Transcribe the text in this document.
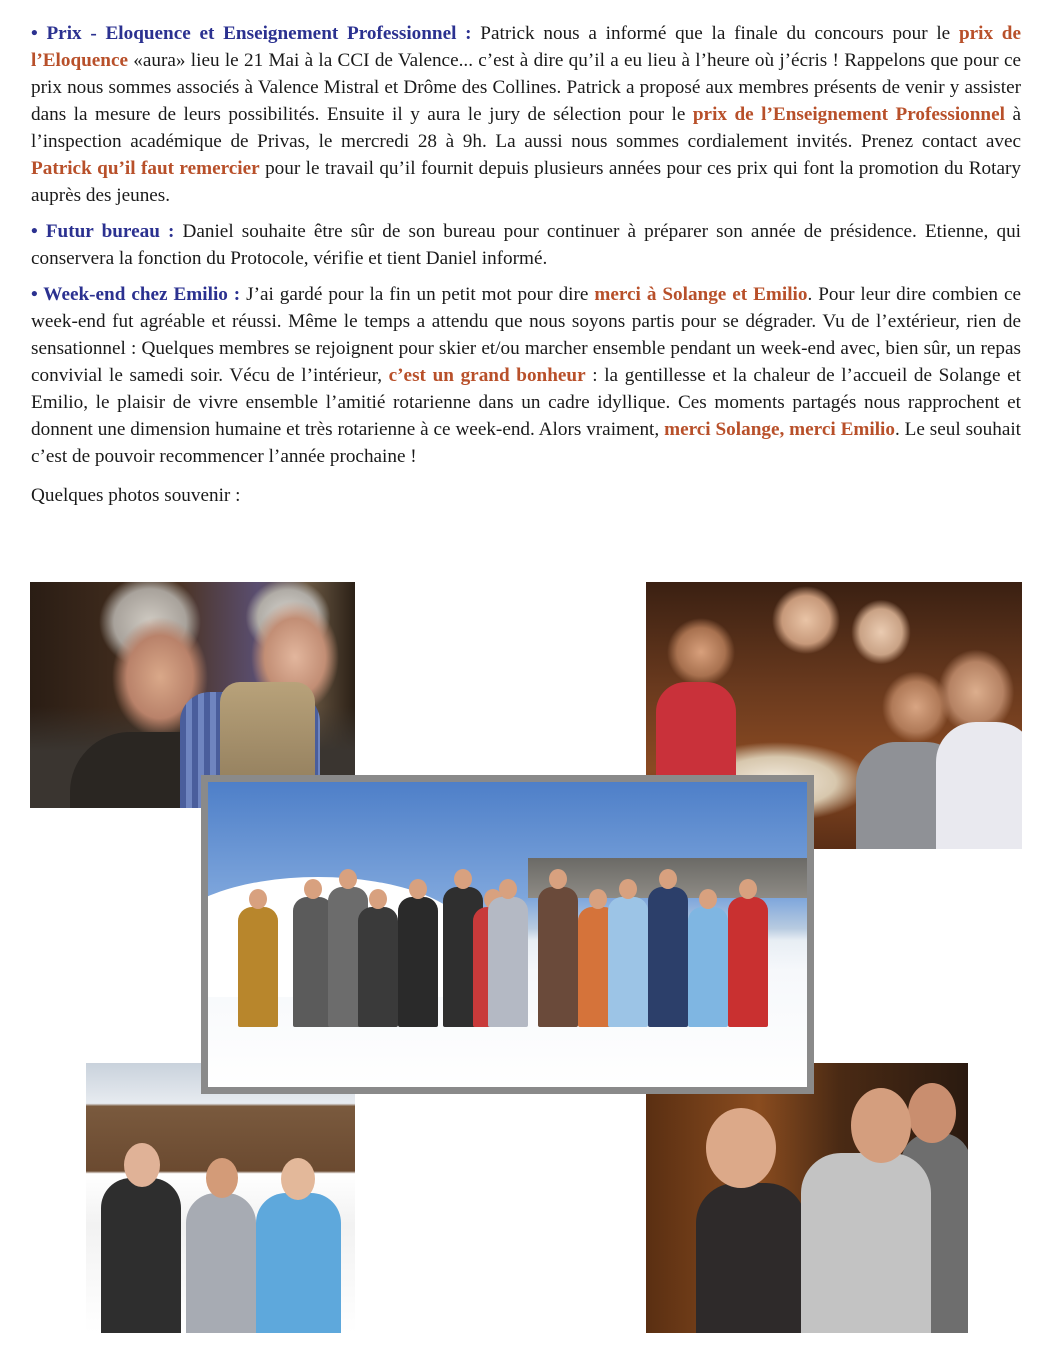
• Prix - Eloquence et Enseignement Professionnel : Patrick nous a informé que la finale du concours pour le prix de l’Eloquence «aura» lieu le 21 Mai à la CCI de Valence... c’est à dire qu’il a eu lieu à l’heure où j’écris ! Rappelons que pour ce prix nous sommes associés à Valence Mistral et Drôme des Collines. Patrick a proposé aux membres présents de venir y assister dans la mesure de leurs possibilités. Ensuite il y aura le jury de sélection pour le prix de l’Enseignement Professionnel à l’inspection académique de Privas, le mercredi 28 à 9h. La aussi nous sommes cordialement invités. Prenez contact avec Patrick qu’il faut remercier pour le travail qu’il fournit depuis plusieurs années pour ces prix qui font la promotion du Rotary auprès des jeunes.

• Futur bureau : Daniel souhaite être sûr de son bureau pour continuer à préparer son année de présidence. Etienne, qui conservera la fonction du Protocole, vérifie et tient Daniel informé.

• Week-end chez Emilio : J’ai gardé pour la fin un petit mot pour dire merci à Solange et Emilio. Pour leur dire combien ce week-end fut agréable et réussi. Même le temps a attendu que nous soyons partis pour se dégrader. Vu de l’extérieur, rien de sensationnel : Quelques membres se rejoignent pour skier et/ou marcher ensemble pendant un week-end avec, bien sûr, un repas convivial le samedi soir. Vécu de l’intérieur, c’est un grand bonheur : la gentillesse et la chaleur de l’accueil de Solange et Emilio, le plaisir de vivre ensemble l’amitié rotarienne dans un cadre idyllique. Ces moments partagés nous rapprochent et donnent une dimension humaine et très rotarienne à ce week-end. Alors vraiment, merci Solange, merci Emilio. Le seul souhait c’est de pouvoir recommencer l’année prochaine !

Quelques photos souvenir :
